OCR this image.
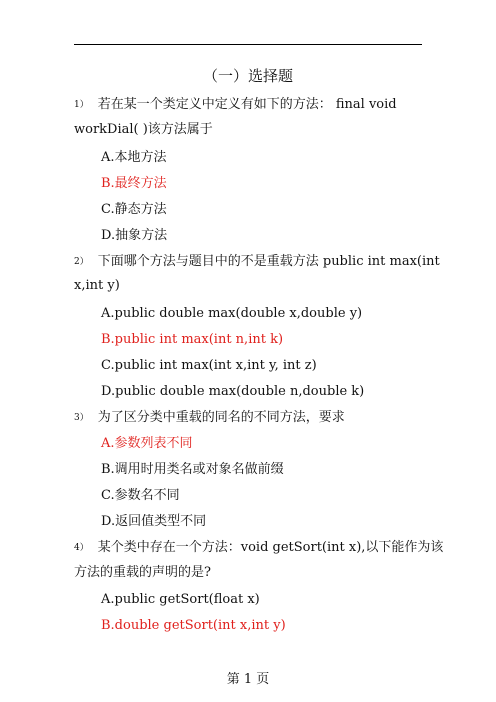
（一）选择题
1） 若在某一个类定义中定义有如下的方法： final void
workDial( )该方法属于
A.本地方法
B.最终方法
C.静态方法
D.抽象方法
2） 下面哪个方法与题目中的不是重载方法 public int max(int
x,int y)
A.public double max(double x,double y)
B.public int max(int n,int k)
C.public int max(int x,int y, int z)
D.public double max(double n,double k)
3） 为了区分类中重载的同名的不同方法，要求
A.参数列表不同
B.调用时用类名或对象名做前缀
C.参数名不同
D.返回值类型不同
4） 某个类中存在一个方法：void getSort(int x),以下能作为该
方法的重载的声明的是?
A.public getSort(float x)
B.double getSort(int x,int y)
第 1 页
